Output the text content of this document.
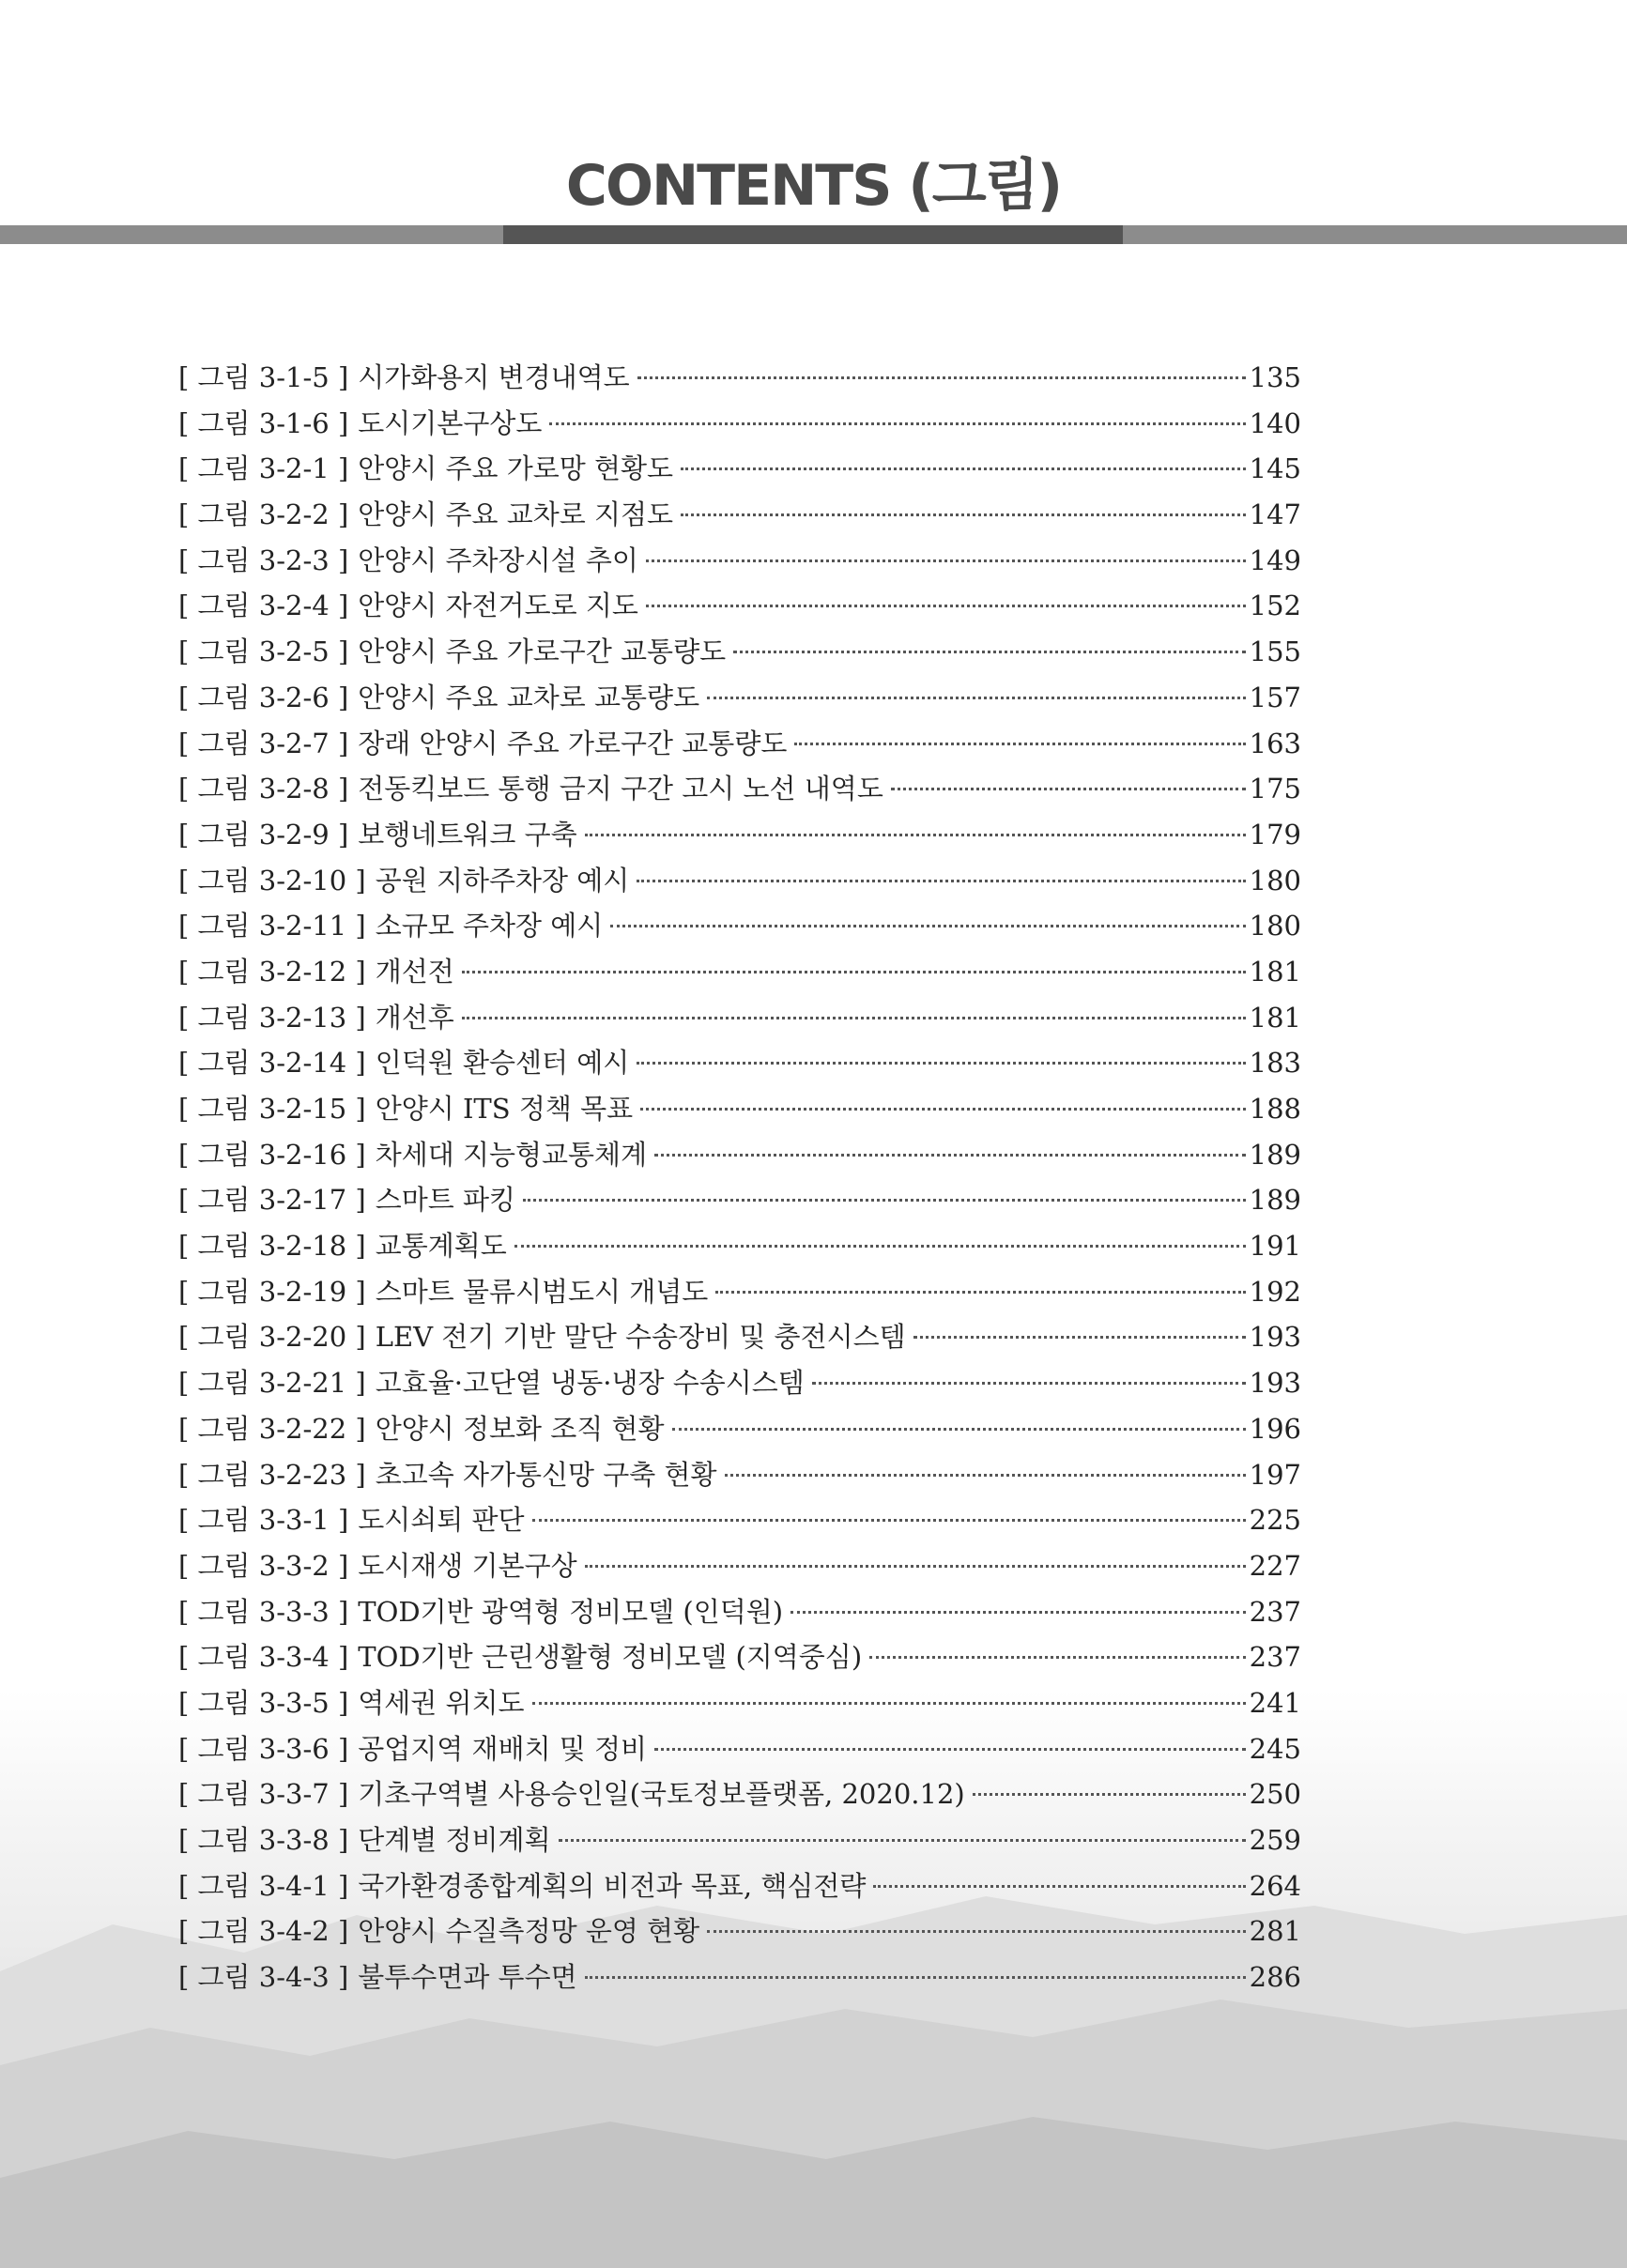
CONTENTS (그림)
[ 그림 3-1-5 ] 시가화용지 변경내역도	135
[ 그림 3-1-6 ] 도시기본구상도	140
[ 그림 3-2-1 ] 안양시 주요 가로망 현황도	145
[ 그림 3-2-2 ] 안양시 주요 교차로 지점도	147
[ 그림 3-2-3 ] 안양시 주차장시설 추이	149
[ 그림 3-2-4 ] 안양시 자전거도로 지도	152
[ 그림 3-2-5 ] 안양시 주요 가로구간 교통량도	155
[ 그림 3-2-6 ] 안양시 주요 교차로 교통량도	157
[ 그림 3-2-7 ] 장래 안양시 주요 가로구간 교통량도	163
[ 그림 3-2-8 ] 전동킥보드 통행 금지 구간 고시 노선 내역도	175
[ 그림 3-2-9 ] 보행네트워크 구축	179
[ 그림 3-2-10 ] 공원 지하주차장 예시	180
[ 그림 3-2-11 ] 소규모 주차장 예시	180
[ 그림 3-2-12 ] 개선전	181
[ 그림 3-2-13 ] 개선후	181
[ 그림 3-2-14 ] 인덕원 환승센터 예시	183
[ 그림 3-2-15 ] 안양시 ITS 정책 목표	188
[ 그림 3-2-16 ] 차세대 지능형교통체계	189
[ 그림 3-2-17 ] 스마트 파킹	189
[ 그림 3-2-18 ] 교통계획도	191
[ 그림 3-2-19 ] 스마트 물류시범도시 개념도	192
[ 그림 3-2-20 ] LEV 전기 기반 말단 수송장비 및 충전시스템	193
[ 그림 3-2-21 ] 고효율·고단열 냉동·냉장 수송시스템	193
[ 그림 3-2-22 ] 안양시 정보화 조직 현황	196
[ 그림 3-2-23 ] 초고속 자가통신망 구축 현황	197
[ 그림 3-3-1 ] 도시쇠퇴 판단	225
[ 그림 3-3-2 ] 도시재생 기본구상	227
[ 그림 3-3-3 ] TOD기반 광역형 정비모델 (인덕원)	237
[ 그림 3-3-4 ] TOD기반 근린생활형 정비모델 (지역중심)	237
[ 그림 3-3-5 ] 역세권 위치도	241
[ 그림 3-3-6 ] 공업지역 재배치 및 정비	245
[ 그림 3-3-7 ] 기초구역별 사용승인일(국토정보플랫폼, 2020.12)	250
[ 그림 3-3-8 ] 단계별 정비계획	259
[ 그림 3-4-1 ] 국가환경종합계획의 비전과 목표, 핵심전략	264
[ 그림 3-4-2 ] 안양시 수질측정망 운영 현황	281
[ 그림 3-4-3 ] 불투수면과 투수면	286
